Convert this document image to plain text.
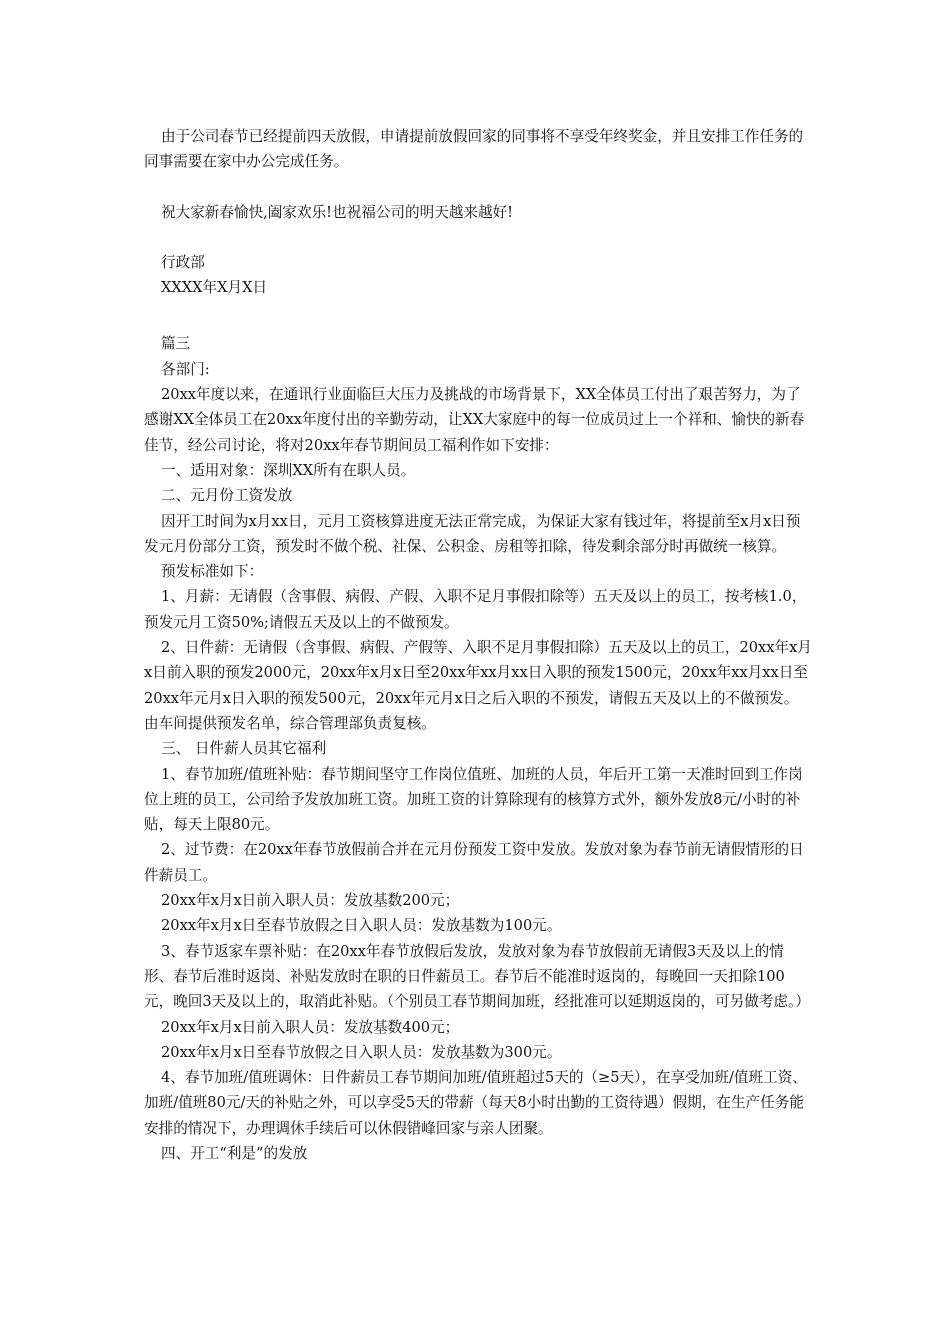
由于公司春节已经提前四天放假，申请提前放假回家的同事将不享受年终奖金，并且安排工作任务的同事需要在家中办公完成任务。

祝大家新春愉快,阖家欢乐!也祝福公司的明天越来越好!

行政部

XXXX年X月X日

篇三

各部门:

20xx年度以来，在通讯行业面临巨大压力及挑战的市场背景下，XX全体员工付出了艰苦努力，为了感谢XX全体员工在20xx年度付出的辛勤劳动，让XX大家庭中的每一位成员过上一个祥和、愉快的新春佳节，经公司讨论，将对20xx年春节期间员工福利作如下安排：

一、适用对象：深圳XX所有在职人员。

二、元月份工资发放

因开工时间为x月xx日，元月工资核算进度无法正常完成，为保证大家有钱过年，将提前至x月x日预发元月份部分工资，预发时不做个税、社保、公积金、房租等扣除，待发剩余部分时再做统一核算。

预发标准如下：

1、月薪：无请假（含事假、病假、产假、入职不足月事假扣除等）五天及以上的员工，按考核1.0，预发元月工资50%;请假五天及以上的不做预发。

2、日件薪：无请假（含事假、病假、产假等、入职不足月事假扣除）五天及以上的员工，20xx年x月x日前入职的预发2000元，20xx年x月x日至20xx年xx月xx日入职的预发1500元，20xx年xx月xx日至20xx年元月x日入职的预发500元，20xx年元月x日之后入职的不预发，请假五天及以上的不做预发。由车间提供预发名单，综合管理部负责复核。

三、 日件薪人员其它福利

1、春节加班/值班补贴：春节期间坚守工作岗位值班、加班的人员，年后开工第一天准时回到工作岗位上班的员工，公司给予发放加班工资。加班工资的计算除现有的核算方式外，额外发放8元/小时的补贴，每天上限80元。

2、过节费：在20xx年春节放假前合并在元月份预发工资中发放。发放对象为春节前无请假情形的日件薪员工。

20xx年x月x日前入职人员：发放基数200元；

20xx年x月x日至春节放假之日入职人员：发放基数为100元。

3、春节返家车票补贴：在20xx年春节放假后发放，发放对象为春节放假前无请假3天及以上的情形、春节后准时返岗、补贴发放时在职的日件薪员工。春节后不能准时返岗的，每晚回一天扣除100元，晚回3天及以上的，取消此补贴。（个别员工春节期间加班，经批准可以延期返岗的，可另做考虑。）

20xx年x月x日前入职人员：发放基数400元；

20xx年x月x日至春节放假之日入职人员：发放基数为300元。

4、春节加班/值班调休：日件薪员工春节期间加班/值班超过5天的（≥5天），在享受加班/值班工资、加班/值班80元/天的补贴之外，可以享受5天的带薪（每天8小时出勤的工资待遇）假期，在生产任务能安排的情况下，办理调休手续后可以休假错峰回家与亲人团聚。

四、开工“利是”的发放
